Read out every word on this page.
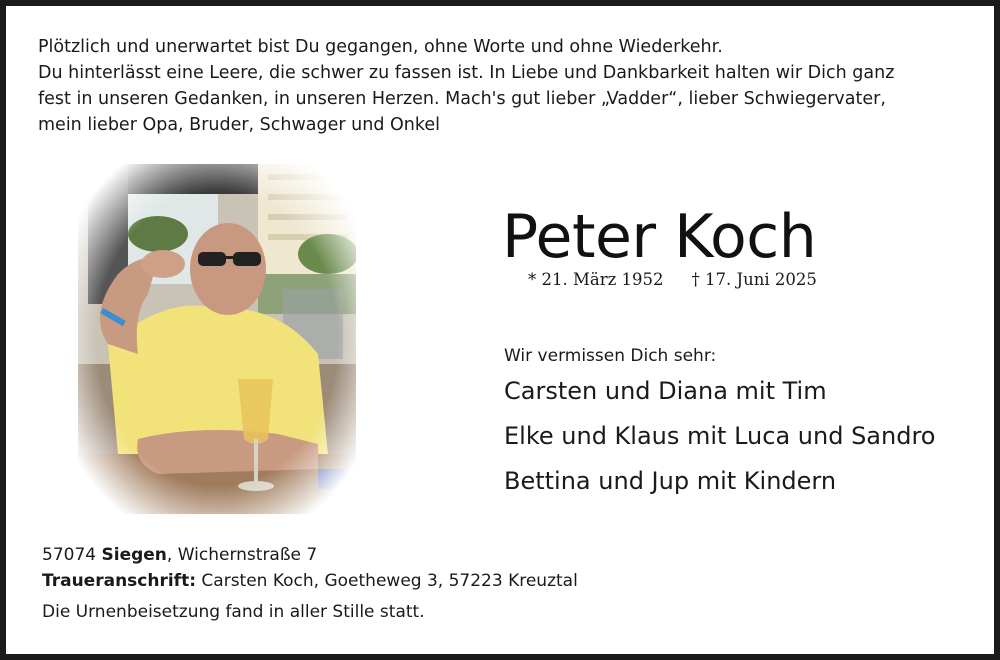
Plötzlich und unerwartet bist Du gegangen, ohne Worte und ohne Wiederkehr.
Du hinterlässt eine Leere, die schwer zu fassen ist. In Liebe und Dankbarkeit halten wir Dich ganz
fest in unseren Gedanken, in unseren Herzen. Mach's gut lieber „Vadder“, lieber Schwiegervater,
mein lieber Opa, Bruder, Schwager und Onkel
Peter Koch
* 21. März 1952 † 17. Juni 2025
Wir vermissen Dich sehr:
Carsten und Diana mit Tim
Elke und Klaus mit Luca und Sandro
Bettina und Jup mit Kindern
57074 Siegen, Wichernstraße 7
Traueranschrift: Carsten Koch, Goetheweg 3, 57223 Kreuztal
Die Urnenbeisetzung fand in aller Stille statt.
